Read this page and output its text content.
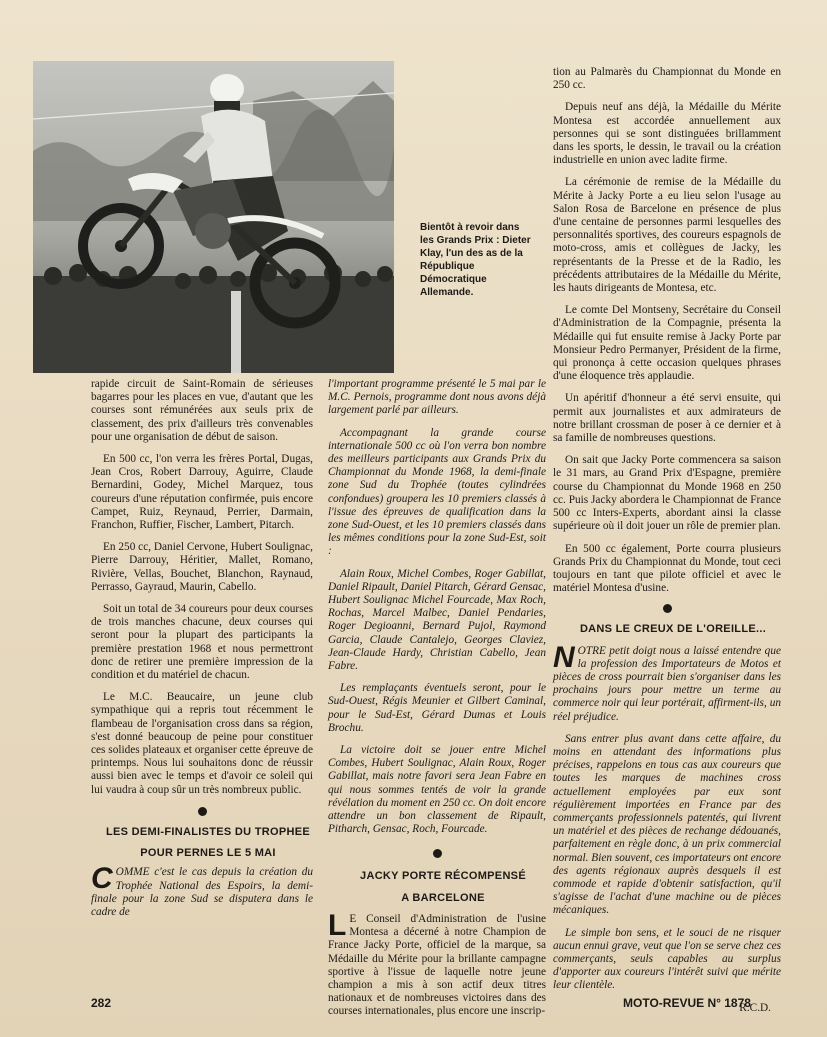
Bientôt à revoir dans les Grands Prix : Dieter Klay, l'un des as de la République Démocratique Allemande.

rapide circuit de Saint-Romain de sérieuses bagarres pour les places en vue, d'autant que les courses sont rémunérées aux seuls prix de classement, des prix d'ailleurs très convenables pour une organisation de début de saison.

En 500 cc, l'on verra les frères Portal, Dugas, Jean Cros, Robert Darrouy, Aguirre, Claude Bernardini, Godey, Michel Marquez, tous coureurs d'une réputation confirmée, puis encore Campet, Ruiz, Reynaud, Perrier, Darmain, Franchon, Ruffier, Fischer, Lambert, Pitarch.

En 250 cc, Daniel Cervone, Hubert Soulignac, Pierre Darrouy, Héritier, Mallet, Romano, Rivière, Vellas, Bouchet, Blanchon, Raynaud, Perrasso, Gayraud, Maurin, Cabello.

Soit un total de 34 coureurs pour deux courses de trois manches chacune, deux courses qui seront pour la plupart des participants la première prestation 1968 et nous permettront donc de retirer une première impression de la condition et du matériel de chacun.

Le M.C. Beaucaire, un jeune club sympathique qui a repris tout récemment le flambeau de l'organisation cross dans sa région, s'est donné beaucoup de peine pour constituer ces solides plateaux et organiser cette épreuve de printemps. Nous lui souhaitons donc de réussir aussi bien avec le temps et d'avoir ce soleil qui lui vaudra à coup sûr un très nombreux public.

LES DEMI-FINALISTES DU TROPHEE

POUR PERNES LE 5 MAI

COMME c'est le cas depuis la création du Trophée National des Espoirs, la demi-finale pour la zone Sud se disputera dans le cadre de

l'important programme présenté le 5 mai par le M.C. Pernois, programme dont nous avons déjà largement parlé par ailleurs.

Accompagnant la grande course internationale 500 cc où l'on verra bon nombre des meilleurs participants aux Grands Prix du Championnat du Monde 1968, la demi-finale zone Sud du Trophée (toutes cylindrées confondues) groupera les 10 premiers classés à l'issue des épreuves de qualification dans la zone Sud-Ouest, et les 10 premiers classés dans les mêmes conditions pour la zone Sud-Est, soit :

Alain Roux, Michel Combes, Roger Gabillat, Daniel Ripault, Daniel Pitarch, Gérard Gensac, Hubert Soulignac Michel Fourcade, Max Roch, Rochas, Marcel Malbec, Daniel Pendaries, Roger Degioanni, Bernard Pujol, Raymond Garcia, Claude Cantalejo, Georges Claviez, Jean-Claude Hardy, Christian Cabello, Jean Fabre.

Les remplaçants éventuels seront, pour le Sud-Ouest, Régis Meunier et Gilbert Caminal, pour le Sud-Est, Gérard Dumas et Louis Brochu.

La victoire doit se jouer entre Michel Combes, Hubert Soulignac, Alain Roux, Roger Gabillat, mais notre favori sera Jean Fabre en qui nous sommes tentés de voir la grande révélation du moment en 250 cc. On doit encore attendre un bon classement de Ripault, Pitharch, Gensac, Roch, Fourcade.

JACKY PORTE RÉCOMPENSÉ

A BARCELONE

L E Conseil d'Administration de l'usine Montesa a décerné à notre Champion de France Jacky Porte, officiel de la marque, sa Médaille du Mérite pour la brillante campagne sportive à l'issue de laquelle notre jeune champion a mis à son actif deux titres nationaux et de nombreuses victoires dans des courses internationales, plus encore une inscrip-

tion au Palmarès du Championnat du Monde en 250 cc.

Depuis neuf ans déjà, la Médaille du Mérite Montesa est accordée annuellement aux personnes qui se sont distinguées brillamment dans les sports, le dessin, le travail ou la création industrielle en union avec ladite firme.

La cérémonie de remise de la Médaille du Mérite à Jacky Porte a eu lieu selon l'usage au Salon Rosa de Barcelone en présence de plus d'une centaine de personnes parmi lesquelles des personnalités sportives, des coureurs espagnols de moto-cross, amis et collègues de Jacky, les représentants de la Presse et de la Radio, les précédents attributaires de la Médaille du Mérite, les hauts dirigeants de Montesa, etc.

Le comte Del Montseny, Secrétaire du Conseil d'Administration de la Compagnie, présenta la Médaille qui fut ensuite remise à Jacky Porte par Monsieur Pedro Permanyer, Président de la firme, qui prononça à cette occasion quelques phrases d'une éloquence très applaudie.

Un apéritif d'honneur a été servi ensuite, qui permit aux journalistes et aux admirateurs de notre brillant crossman de poser à ce dernier et à sa famille de nombreuses questions.

On sait que Jacky Porte commencera sa saison le 31 mars, au Grand Prix d'Espagne, première course du Championnat du Monde 1968 en 250 cc. Puis Jacky abordera le Championnat de France 500 cc Inters-Experts, abordant ainsi la classe supérieure où il doit jouer un rôle de premier plan.

En 500 cc également, Porte courra plusieurs Grands Prix du Championnat du Monde, tout ceci toujours en tant que pilote officiel et avec le matériel Montesa d'usine.

DANS LE CREUX DE L'OREILLE...

NOTRE petit doigt nous a laissé entendre que la profession des Importateurs de Motos et pièces de cross pourrait bien s'organiser dans les prochains jours pour mettre un terme au commerce noir qui leur portérait, affirment-ils, un réel préjudice.

Sans entrer plus avant dans cette affaire, du moins en attendant des informations plus précises, rappelons en tous cas aux coureurs que toutes les marques de machines cross actuellement employées par eux sont régulièrement importées en France par des commerçants professionnels patentés, qui livrent un matériel et des pièces de rechange dédouanés, parfaitement en règle donc, à un prix commercial normal. Bien souvent, ces importateurs ont encore des agents régionaux auprès desquels il est commode et rapide d'obtenir satisfaction, qu'il s'agisse de l'achat d'une machine ou de pièces mécaniques.

Le simple bon sens, et le souci de ne risquer aucun ennui grave, veut que l'on se serve chez ces commerçants, seuls capables au surplus d'apporter aux coureurs l'intérêt suivi que mérite leur clientèle.

R.C.D.

282	MOTO-REVUE N° 1878
